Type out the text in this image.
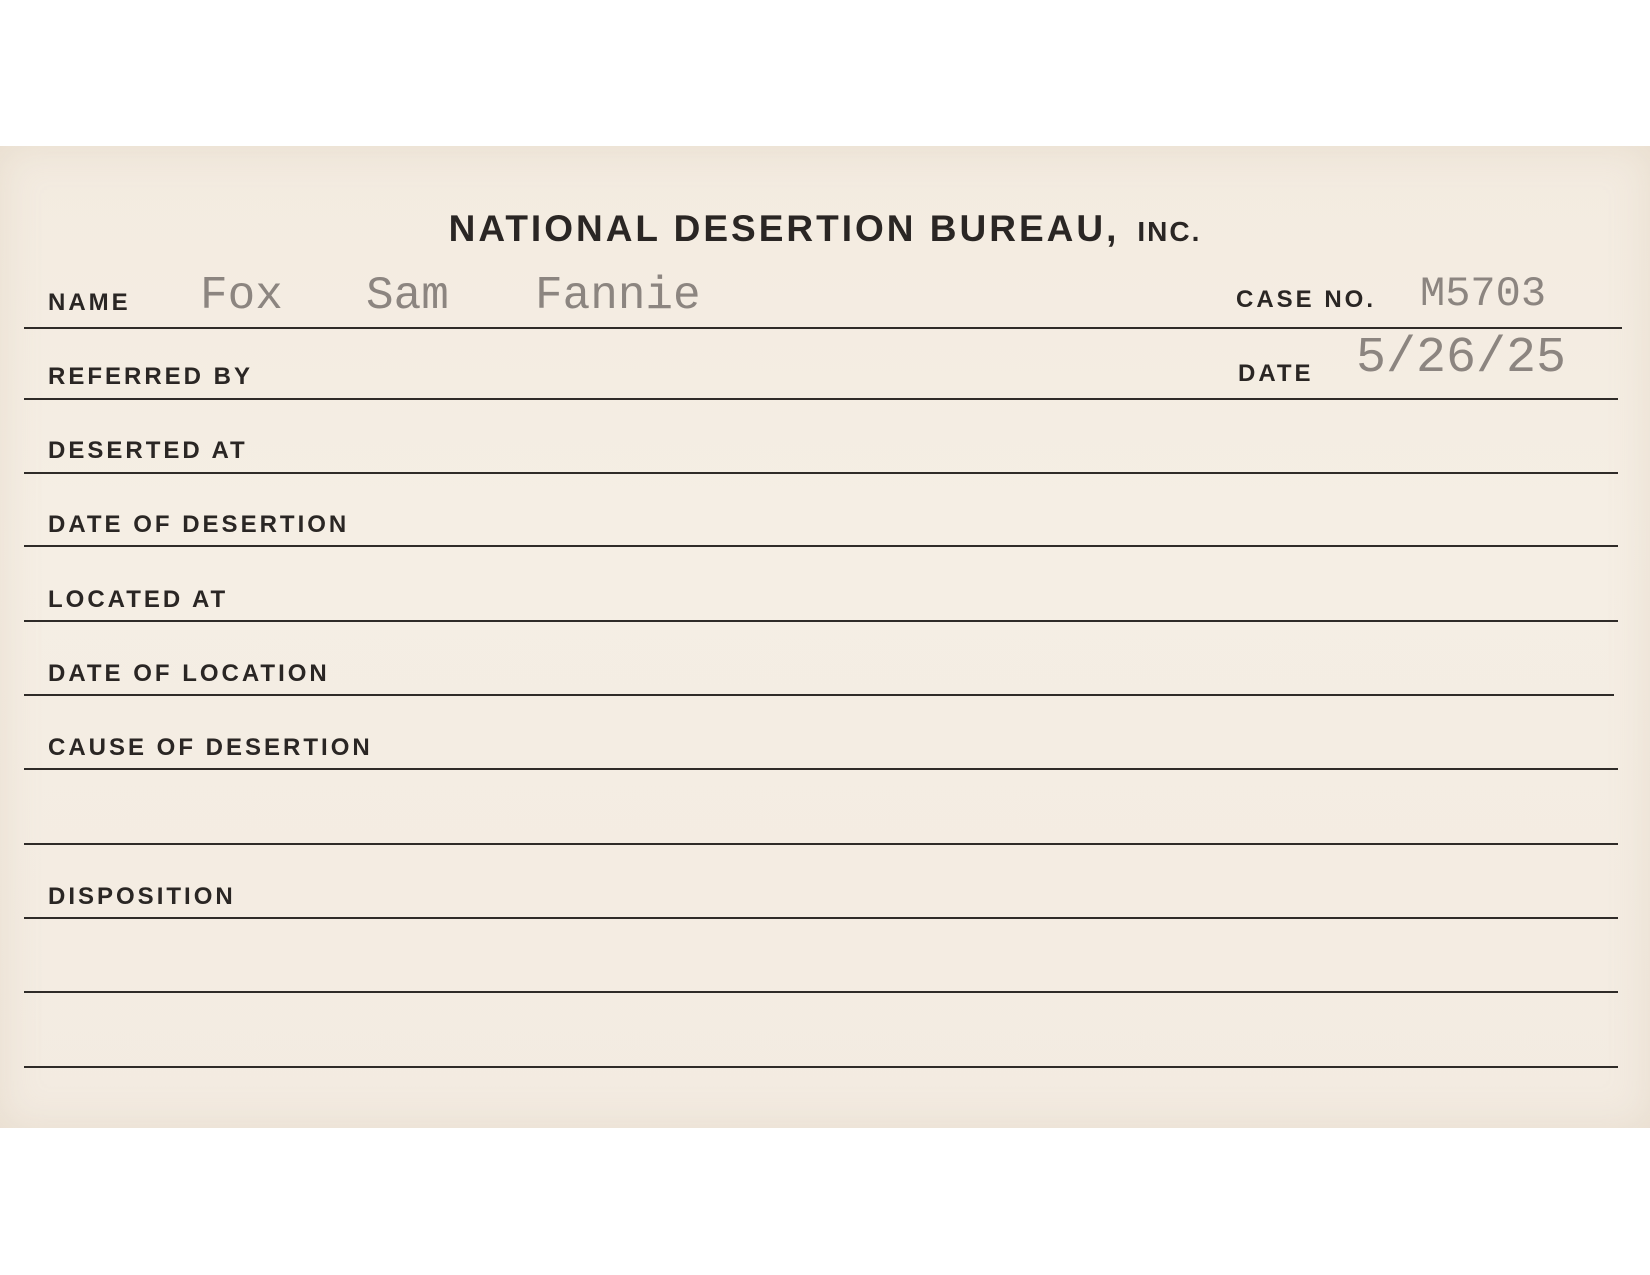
NATIONAL DESERTION BUREAU, INC.
NAME Fox Sam Fannie	CASE NO. M5703
REFERRED BY	DATE 5/26/25
DESERTED AT
DATE OF DESERTION
LOCATED AT
DATE OF LOCATION
CAUSE OF DESERTION
DISPOSITION
